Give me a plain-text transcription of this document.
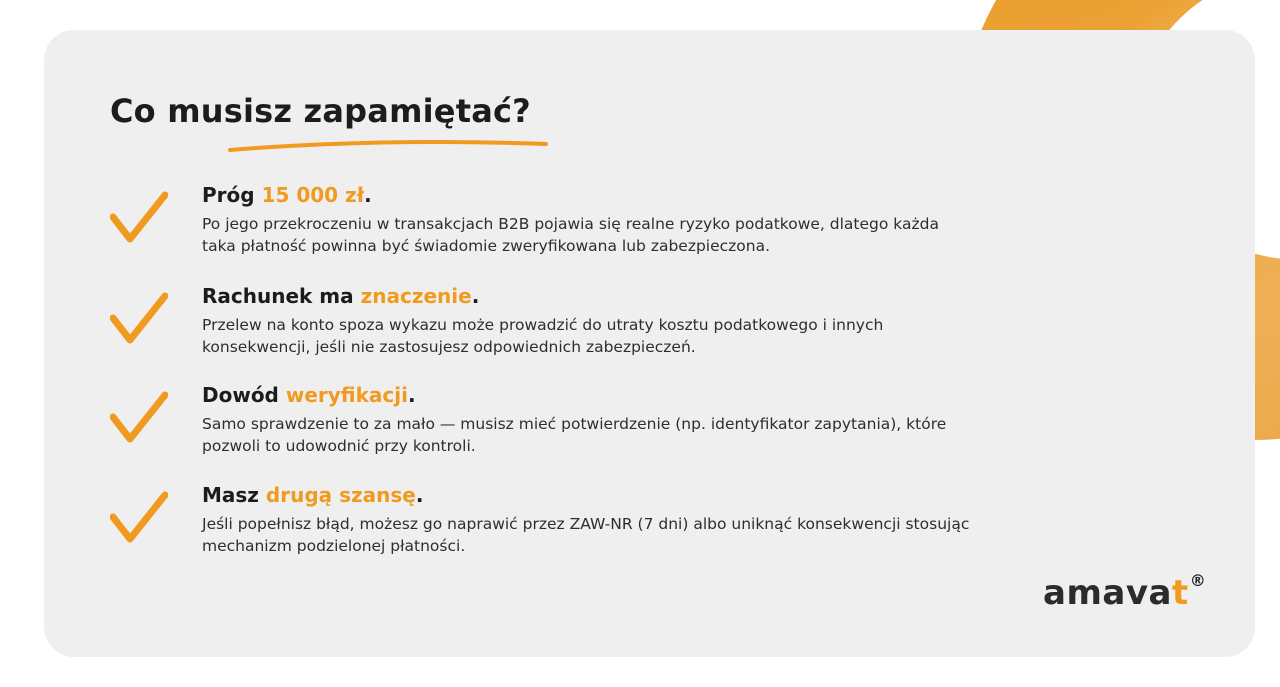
Co musisz zapamiętać?

Próg 15 000 zł.

Po jego przekroczeniu w transakcjach B2B pojawia się realne ryzyko podatkowe, dlatego każda taka płatność powinna być świadomie zweryfikowana lub zabezpieczona.

Rachunek ma znaczenie.

Przelew na konto spoza wykazu może prowadzić do utraty kosztu podatkowego i innych konsekwencji, jeśli nie zastosujesz odpowiednich zabezpieczeń.

Dowód weryfikacji.

Samo sprawdzenie to za mało — musisz mieć potwierdzenie (np. identyfikator zapytania), które pozwoli to udowodnić przy kontroli.

Masz drugą szansę.

Jeśli popełnisz błąd, możesz go naprawić przez ZAW-NR (7 dni) albo uniknąć konsekwencji stosując mechanizm podzielonej płatności.

amavat®
